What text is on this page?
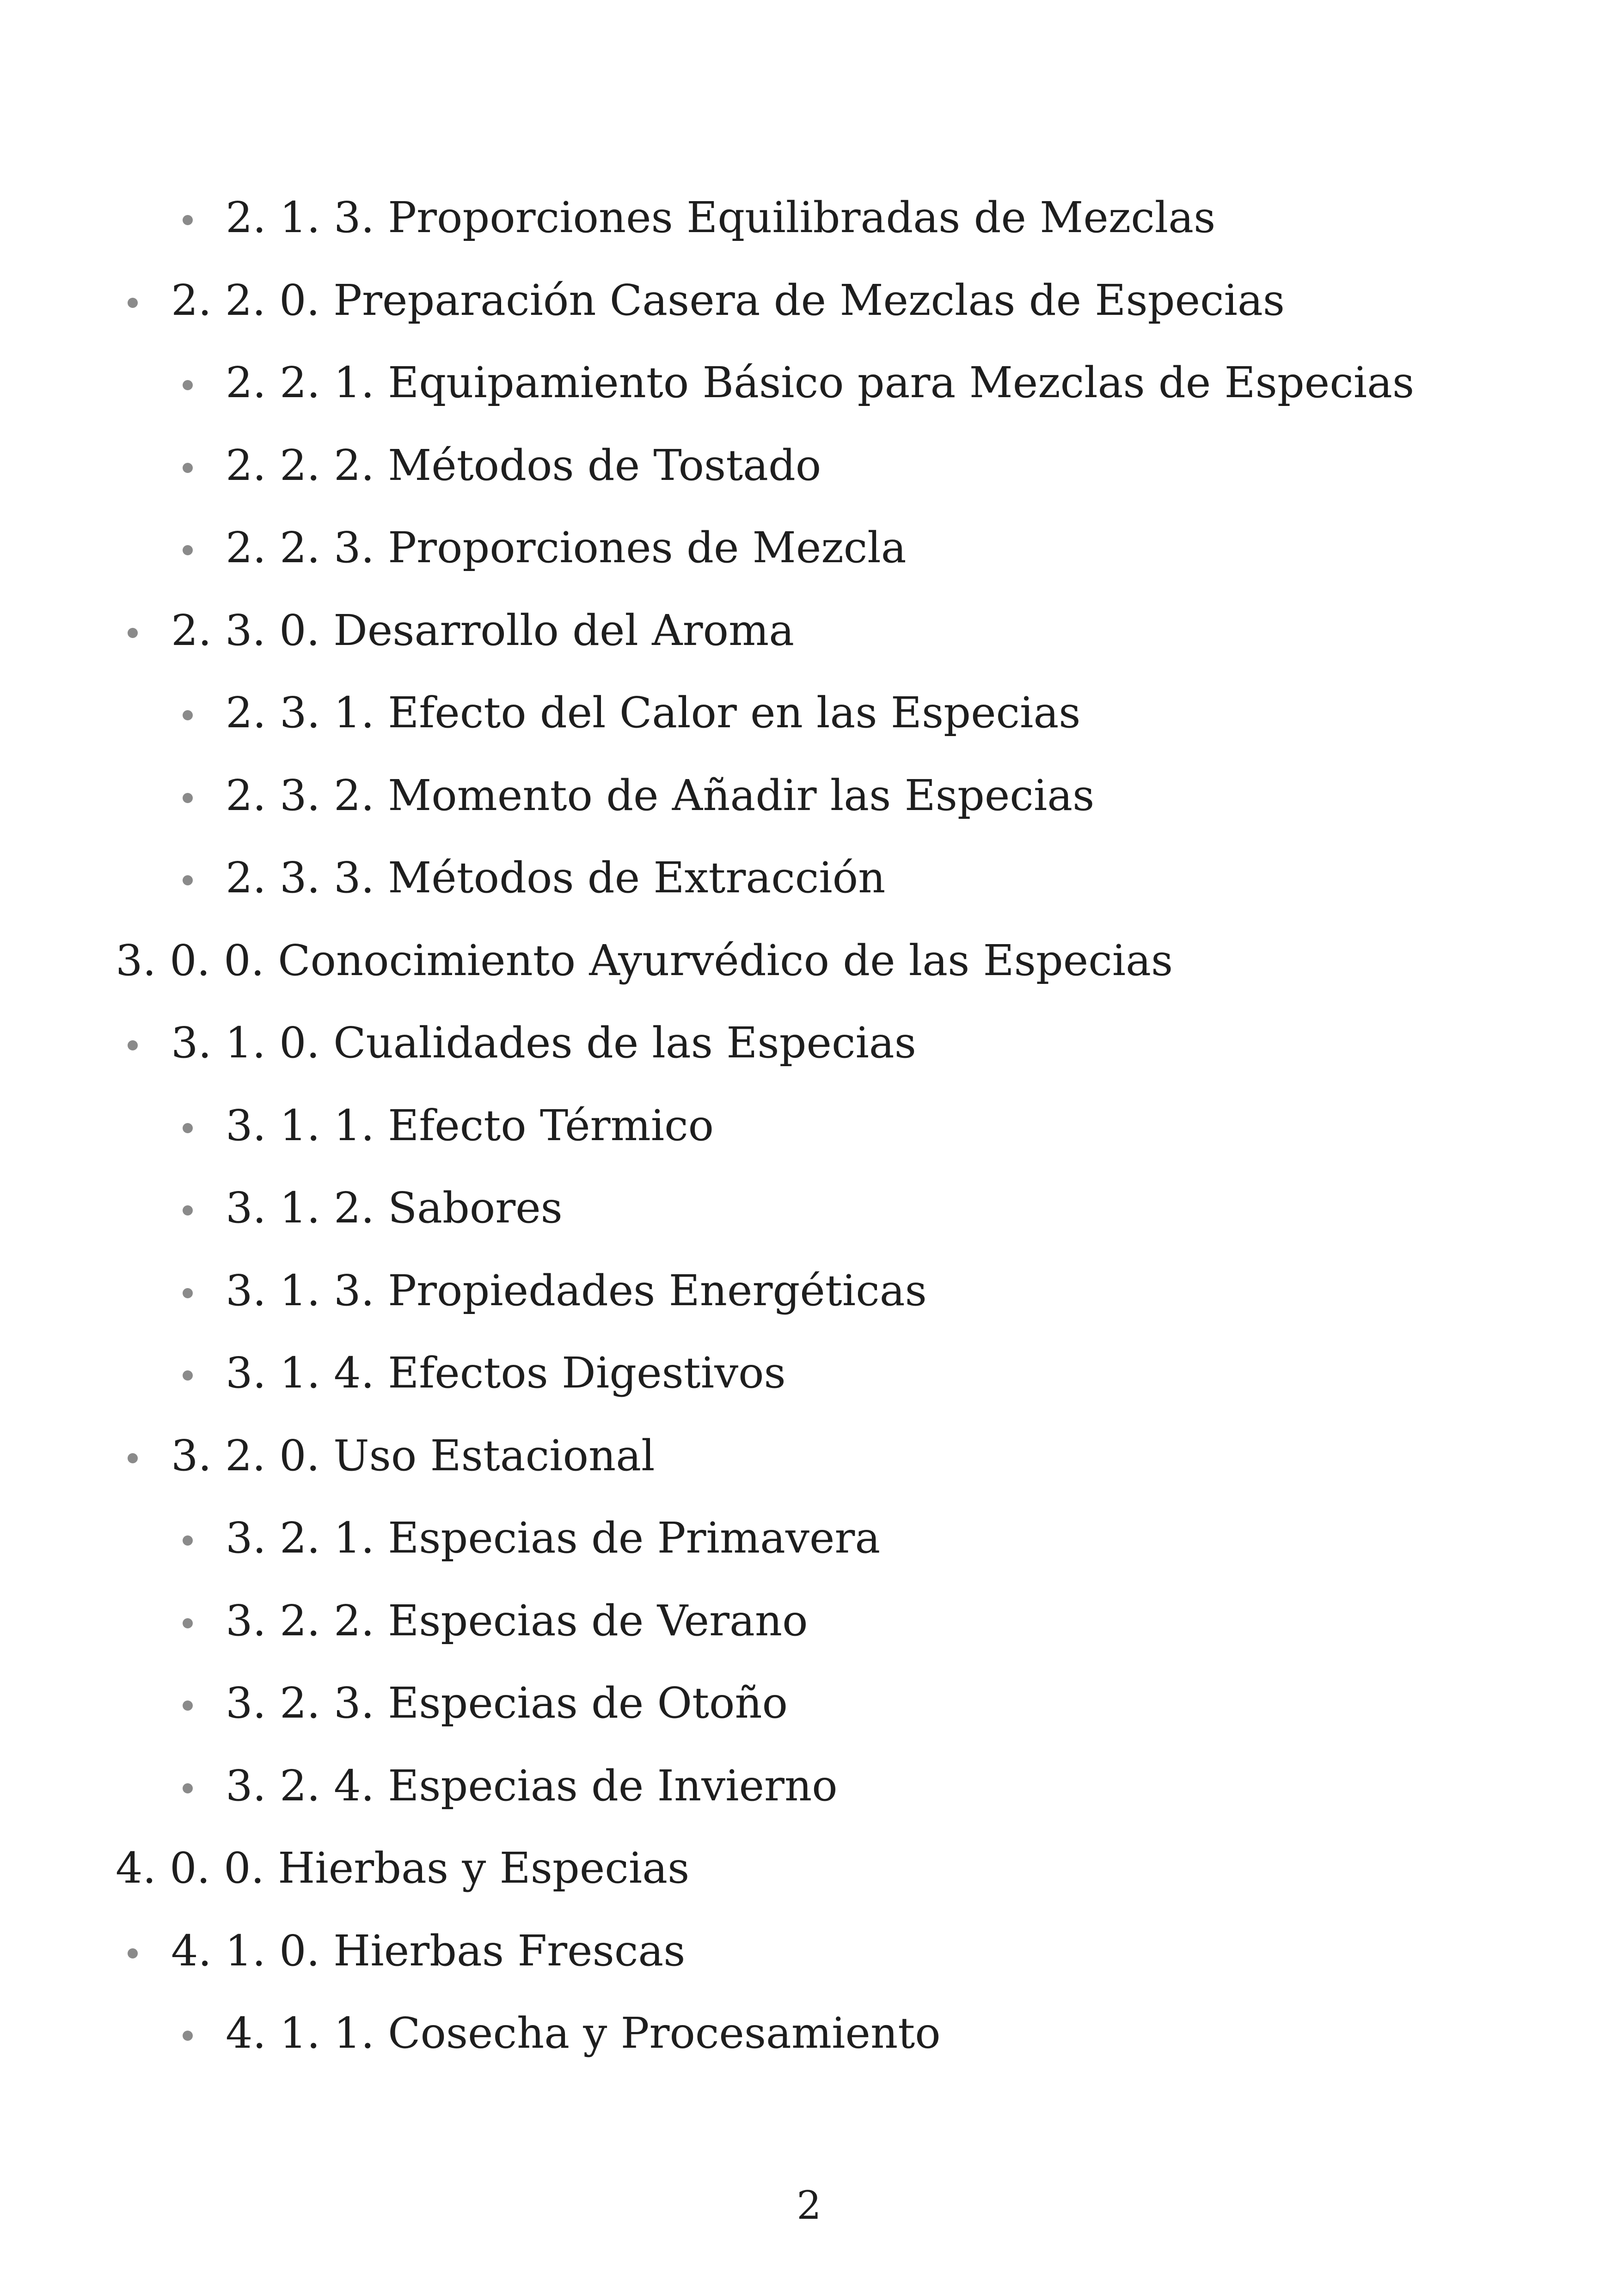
2. 1. 3. Proporciones Equilibradas de Mezclas
2. 2. 0. Preparación Casera de Mezclas de Especias
2. 2. 1. Equipamiento Básico para Mezclas de Especias
2. 2. 2. Métodos de Tostado
2. 2. 3. Proporciones de Mezcla
2. 3. 0. Desarrollo del Aroma
2. 3. 1. Efecto del Calor en las Especias
2. 3. 2. Momento de Añadir las Especias
2. 3. 3. Métodos de Extracción
3. 0. 0. Conocimiento Ayurvédico de las Especias
3. 1. 0. Cualidades de las Especias
3. 1. 1. Efecto Térmico
3. 1. 2. Sabores
3. 1. 3. Propiedades Energéticas
3. 1. 4. Efectos Digestivos
3. 2. 0. Uso Estacional
3. 2. 1. Especias de Primavera
3. 2. 2. Especias de Verano
3. 2. 3. Especias de Otoño
3. 2. 4. Especias de Invierno
4. 0. 0. Hierbas y Especias
4. 1. 0. Hierbas Frescas
4. 1. 1. Cosecha y Procesamiento
2
